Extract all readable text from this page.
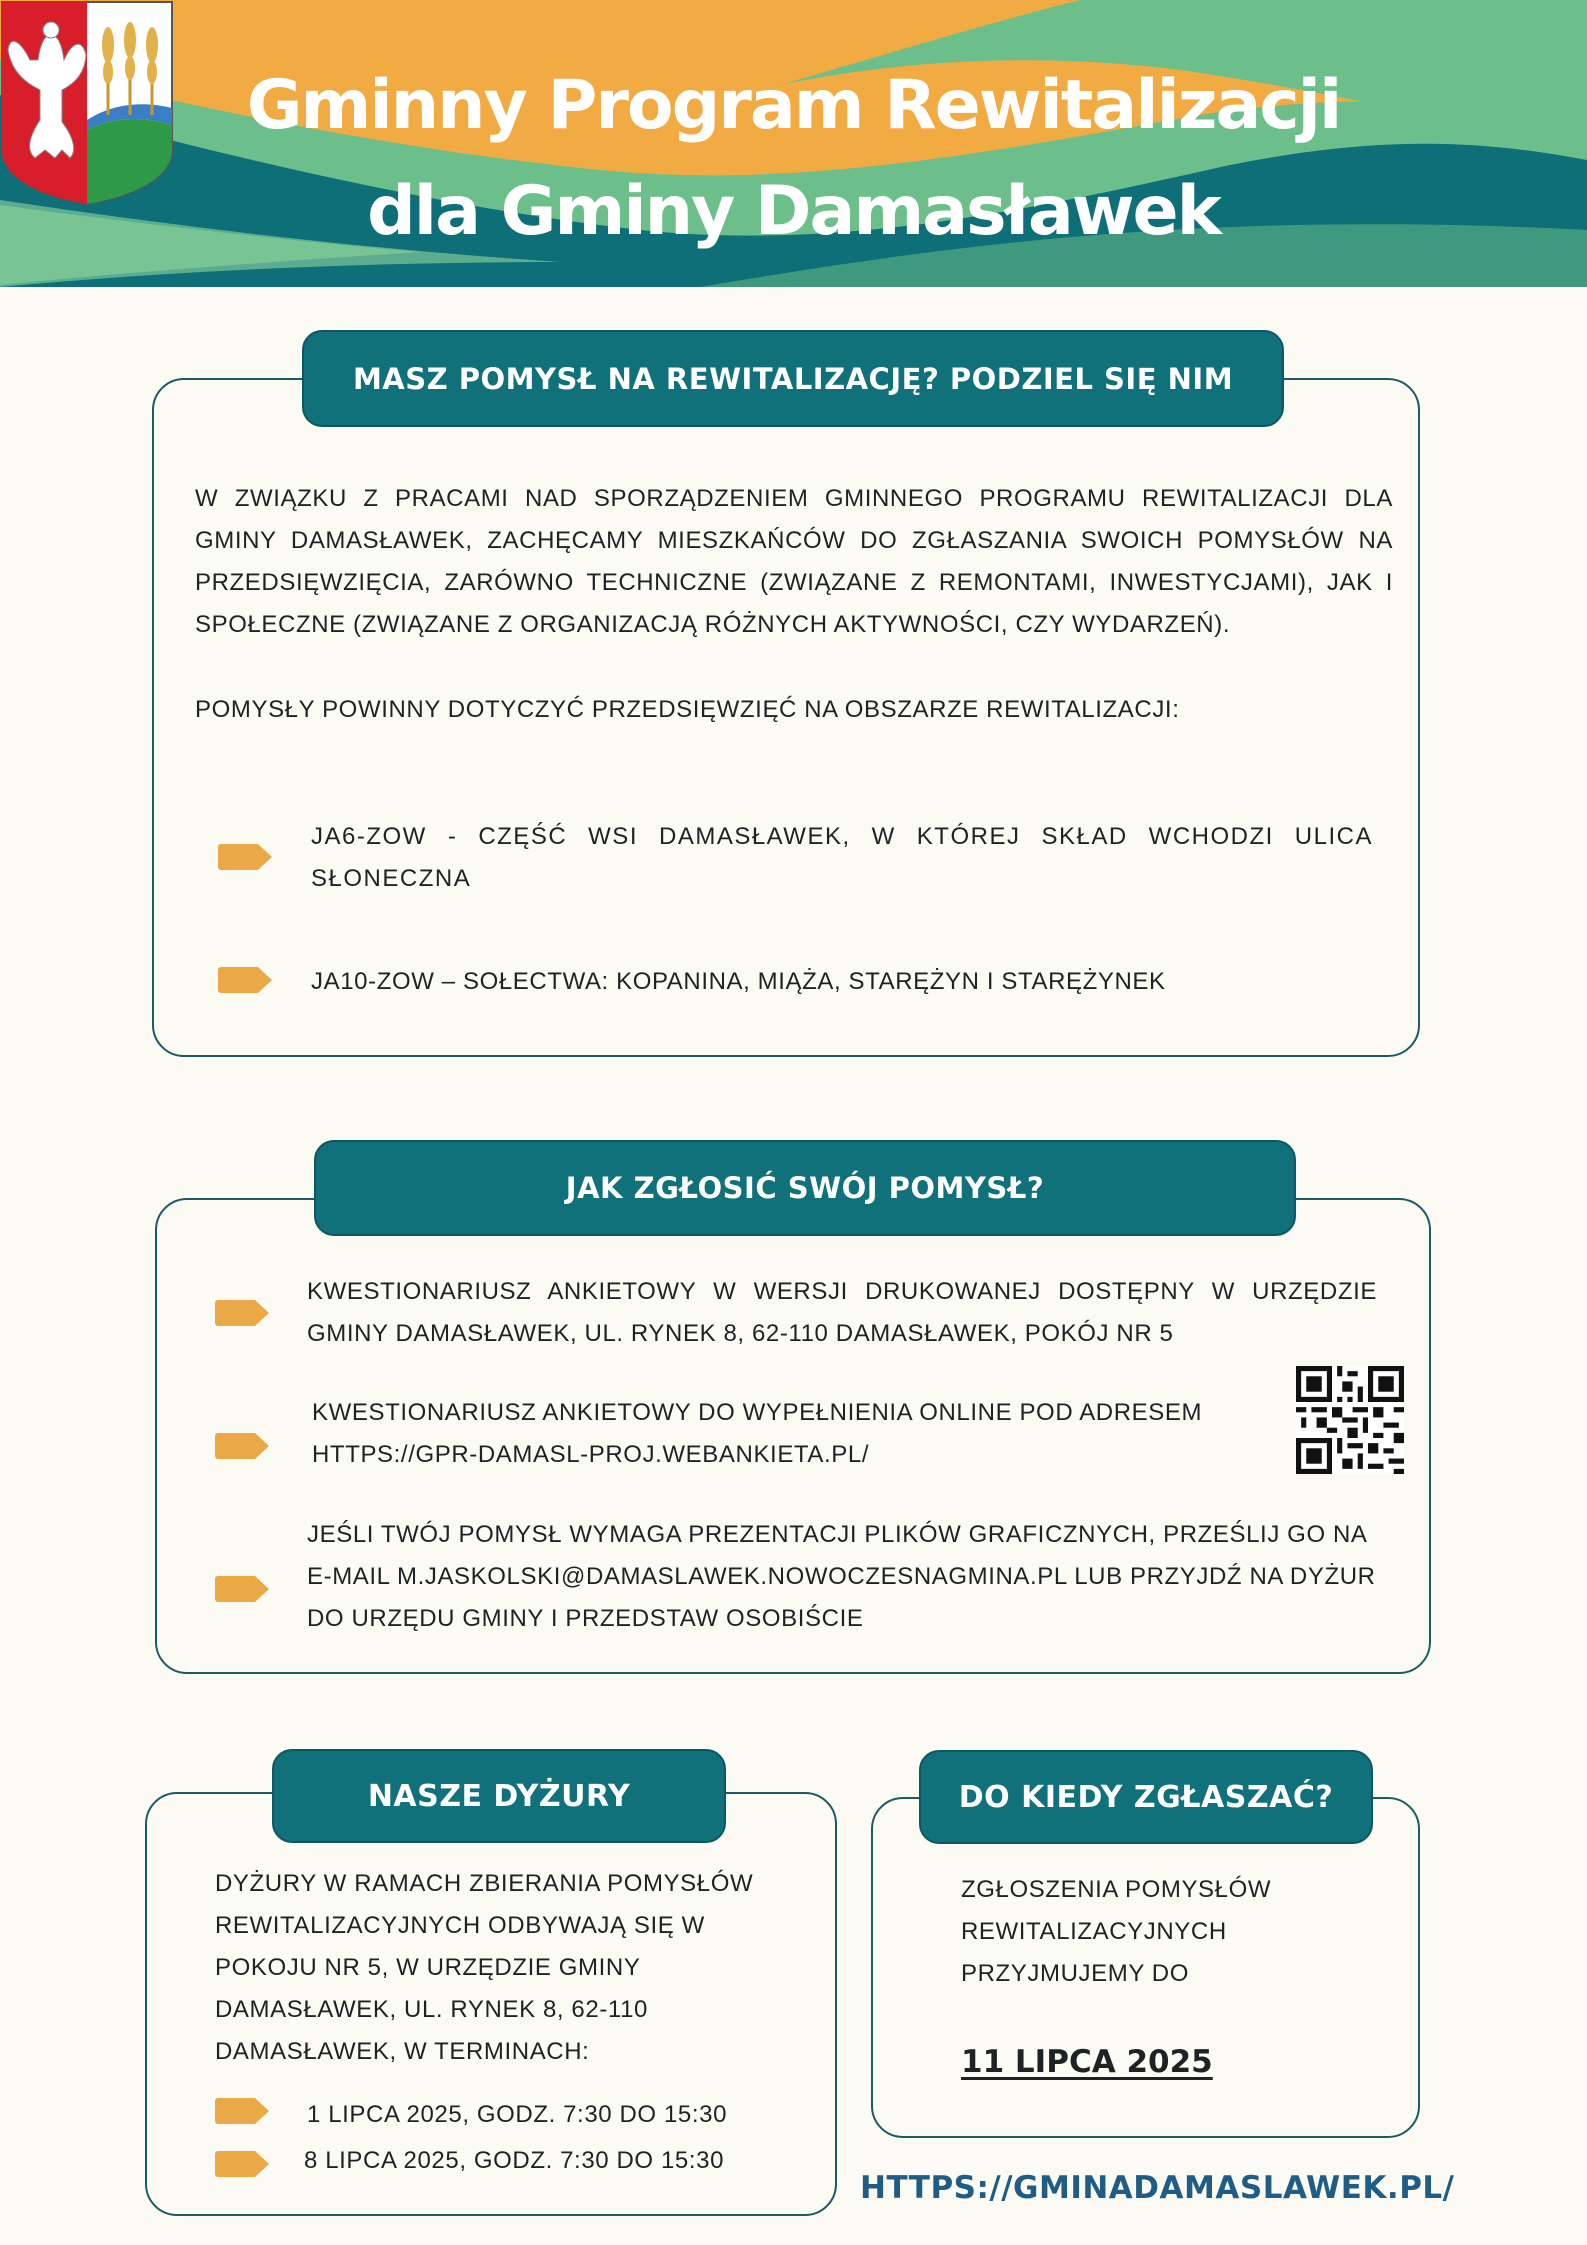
Gminny Program Rewitalizacji
dla Gminy Damasławek
MASZ POMYSŁ NA REWITALIZACJĘ? PODZIEL SIĘ NIM
W ZWIĄZKU Z PRACAMI NAD SPORZĄDZENIEM GMINNEGO PROGRAMU REWITALIZACJI DLA GMINY DAMASŁAWEK, ZACHĘCAMY MIESZKAŃCÓW DO ZGŁASZANIA SWOICH POMYSŁÓW NA PRZEDSIĘWZIĘCIA, ZARÓWNO TECHNICZNE (ZWIĄZANE Z REMONTAMI, INWESTYCJAMI), JAK I SPOŁECZNE (ZWIĄZANE Z ORGANIZACJĄ RÓŻNYCH AKTYWNOŚCI, CZY WYDARZEŃ).
POMYSŁY POWINNY DOTYCZYĆ PRZEDSIĘWZIĘĆ NA OBSZARZE REWITALIZACJI:
JA6-ZOW - CZĘŚĆ WSI DAMASŁAWEK, W KTÓREJ SKŁAD WCHODZI ULICA SŁONECZNA
JA10-ZOW – SOŁECTWA: KOPANINA, MIĄŻA, STARĘŻYN I STARĘŻYNEK
JAK ZGŁOSIĆ SWÓJ POMYSŁ?
KWESTIONARIUSZ ANKIETOWY W WERSJI DRUKOWANEJ DOSTĘPNY W URZĘDZIE GMINY DAMASŁAWEK, UL. RYNEK 8, 62-110 DAMASŁAWEK, POKÓJ NR 5
KWESTIONARIUSZ ANKIETOWY DO WYPEŁNIENIA ONLINE POD ADRESEM HTTPS://GPR-DAMASL-PROJ.WEBANKIETA.PL/
JEŚLI TWÓJ POMYSŁ WYMAGA PREZENTACJI PLIKÓW GRAFICZNYCH, PRZEŚLIJ GO NA E-MAIL M.JASKOLSKI@DAMASLAWEK.NOWOCZESNAGMINA.PL LUB PRZYJDŹ NA DYŻUR DO URZĘDU GMINY I PRZEDSTAW OSOBIŚCIE
NASZE DYŻURY
DYŻURY W RAMACH ZBIERANIA POMYSŁÓW REWITALIZACYJNYCH ODBYWAJĄ SIĘ W POKOJU NR 5, W URZĘDZIE GMINY DAMASŁAWEK, UL. RYNEK 8, 62-110 DAMASŁAWEK, W TERMINACH:
1 LIPCA 2025, GODZ. 7:30 DO 15:30
8 LIPCA 2025, GODZ. 7:30 DO 15:30
DO KIEDY ZGŁASZAĆ?
ZGŁOSZENIA POMYSŁÓW REWITALIZACYJNYCH PRZYJMUJEMY DO
11 LIPCA 2025
HTTPS://GMINADAMASLAWEK.PL/
